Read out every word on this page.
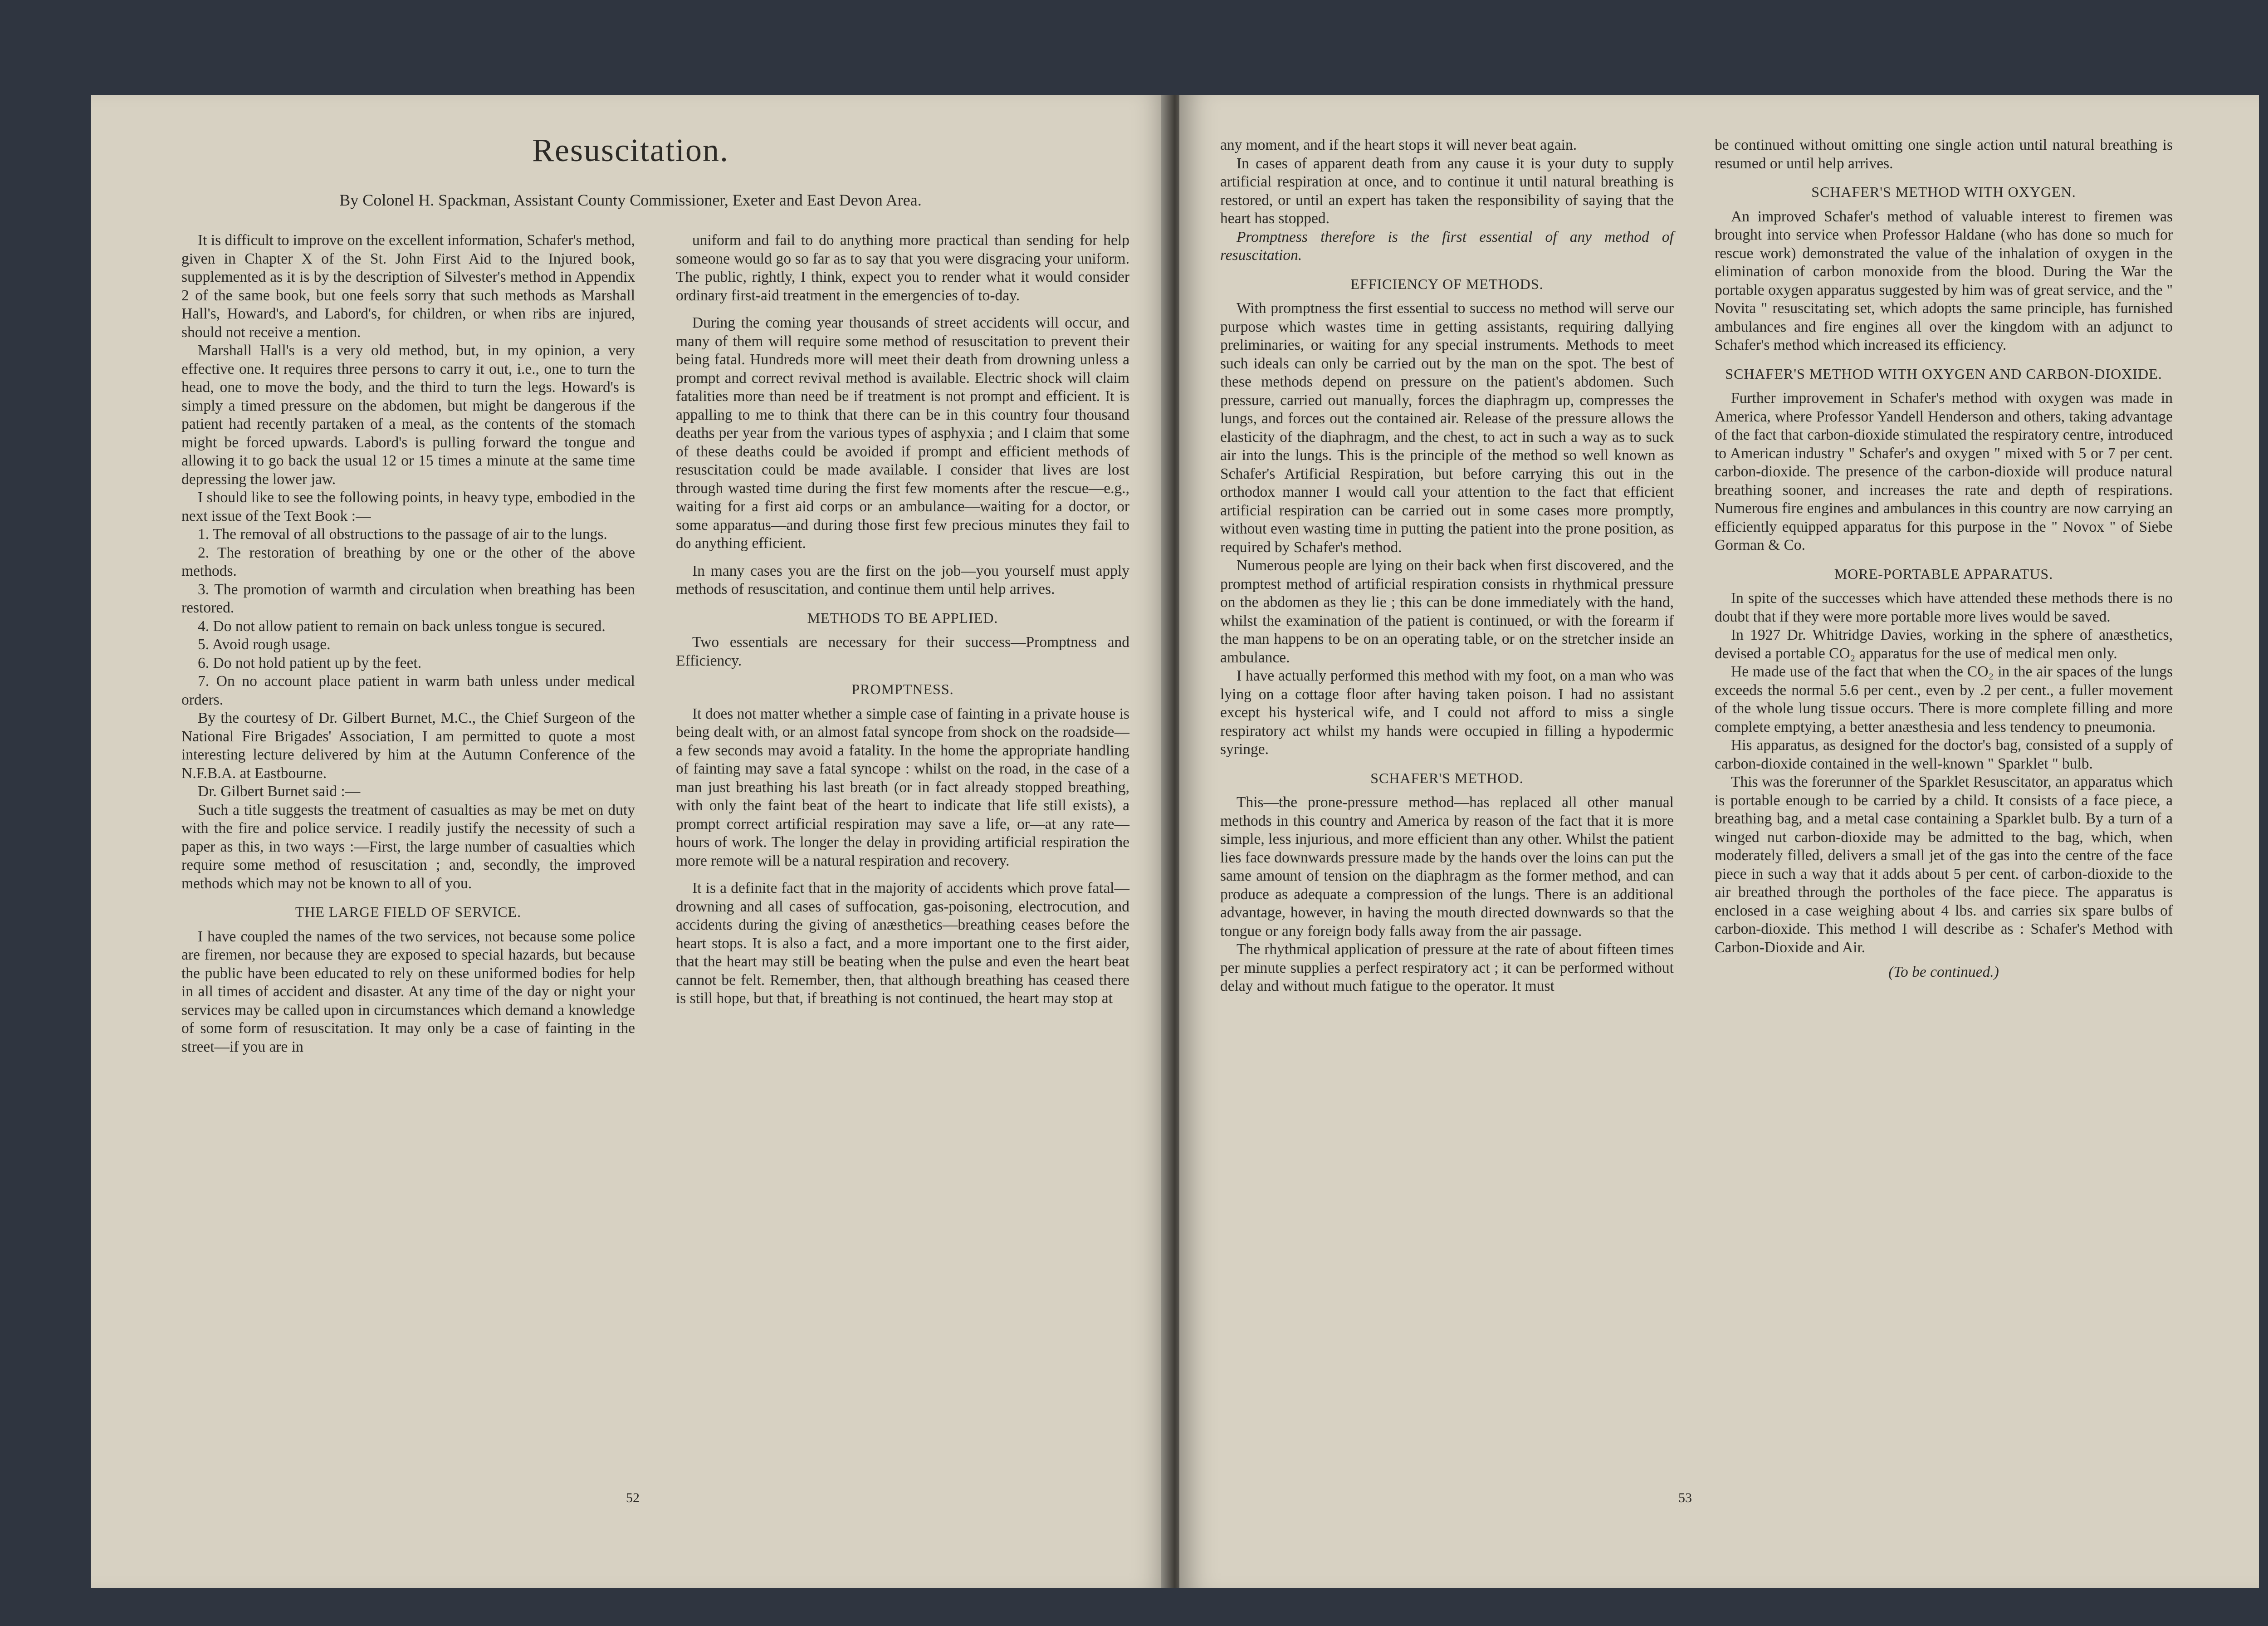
Resuscitation.
By Colonel H. Spackman, Assistant County Commissioner, Exeter and East Devon Area.

It is difficult to improve on the excellent information, Schafer's method, given in Chapter X of the St. John First Aid to the Injured book, supplemented as it is by the description of Silvester's method in Appendix 2 of the same book, but one feels sorry that such methods as Marshall Hall's, Howard's, and Labord's, for children, or when ribs are injured, should not receive a mention.

Marshall Hall's is a very old method, but, in my opinion, a very effective one. It requires three persons to carry it out, i.e., one to turn the head, one to move the body, and the third to turn the legs. Howard's is simply a timed pressure on the abdomen, but might be dangerous if the patient had recently partaken of a meal, as the contents of the stomach might be forced upwards. Labord's is pulling forward the tongue and allowing it to go back the usual 12 or 15 times a minute at the same time depressing the lower jaw.

I should like to see the following points, in heavy type, embodied in the next issue of the Text Book :—

1. The removal of all obstructions to the passage of air to the lungs.

2. The restoration of breathing by one or the other of the above methods.

3. The promotion of warmth and circulation when breathing has been restored.

4. Do not allow patient to remain on back unless tongue is secured.

5. Avoid rough usage.

6. Do not hold patient up by the feet.

7. On no account place patient in warm bath unless under medical orders.

By the courtesy of Dr. Gilbert Burnet, M.C., the Chief Surgeon of the National Fire Brigades' Association, I am permitted to quote a most interesting lecture delivered by him at the Autumn Conference of the N.F.B.A. at Eastbourne.

Dr. Gilbert Burnet said :—

Such a title suggests the treatment of casualties as may be met on duty with the fire and police service. I readily justify the necessity of such a paper as this, in two ways :—First, the large number of casualties which require some method of resuscitation ; and, secondly, the improved methods which may not be known to all of you.

THE LARGE FIELD OF SERVICE.

I have coupled the names of the two services, not because some police are firemen, nor because they are exposed to special hazards, but because the public have been educated to rely on these uniformed bodies for help in all times of accident and disaster. At any time of the day or night your services may be called upon in circumstances which demand a knowledge of some form of resuscitation. It may only be a case of fainting in the street—if you are in

uniform and fail to do anything more practical than sending for help someone would go so far as to say that you were disgracing your uniform. The public, rightly, I think, expect you to render what it would consider ordinary first-aid treatment in the emergencies of to-day.

During the coming year thousands of street accidents will occur, and many of them will require some method of resuscitation to prevent their being fatal. Hundreds more will meet their death from drowning unless a prompt and correct revival method is available. Electric shock will claim fatalities more than need be if treatment is not prompt and efficient. It is appalling to me to think that there can be in this country four thousand deaths per year from the various types of asphyxia ; and I claim that some of these deaths could be avoided if prompt and efficient methods of resuscitation could be made available. I consider that lives are lost through wasted time during the first few moments after the rescue—e.g., waiting for a first aid corps or an ambulance—waiting for a doctor, or some apparatus—and during those first few precious minutes they fail to do anything efficient.

In many cases you are the first on the job—you yourself must apply methods of resuscitation, and continue them until help arrives.

METHODS TO BE APPLIED.

Two essentials are necessary for their success—Promptness and Efficiency.

PROMPTNESS.

It does not matter whether a simple case of fainting in a private house is being dealt with, or an almost fatal syncope from shock on the roadside—a few seconds may avoid a fatality. In the home the appropriate handling of fainting may save a fatal syncope : whilst on the road, in the case of a man just breathing his last breath (or in fact already stopped breathing, with only the faint beat of the heart to indicate that life still exists), a prompt correct artificial respiration may save a life, or—at any rate—hours of work. The longer the delay in providing artificial respiration the more remote will be a natural respiration and recovery.

It is a definite fact that in the majority of accidents which prove fatal—drowning and all cases of suffocation, gas-poisoning, electrocution, and accidents during the giving of anæsthetics—breathing ceases before the heart stops. It is also a fact, and a more important one to the first aider, that the heart may still be beating when the pulse and even the heart beat cannot be felt. Remember, then, that although breathing has ceased there is still hope, but that, if breathing is not continued, the heart may stop at

52

any moment, and if the heart stops it will never beat again.

In cases of apparent death from any cause it is your duty to supply artificial respiration at once, and to continue it until natural breathing is restored, or until an expert has taken the responsibility of saying that the heart has stopped.

Promptness therefore is the first essential of any method of resuscitation.

EFFICIENCY OF METHODS.

With promptness the first essential to success no method will serve our purpose which wastes time in getting assistants, requiring dallying preliminaries, or waiting for any special instruments. Methods to meet such ideals can only be carried out by the man on the spot. The best of these methods depend on pressure on the patient's abdomen. Such pressure, carried out manually, forces the diaphragm up, compresses the lungs, and forces out the contained air. Release of the pressure allows the elasticity of the diaphragm, and the chest, to act in such a way as to suck air into the lungs. This is the principle of the method so well known as Schafer's Artificial Respiration, but before carrying this out in the orthodox manner I would call your attention to the fact that efficient artificial respiration can be carried out in some cases more promptly, without even wasting time in putting the patient into the prone position, as required by Schafer's method.

Numerous people are lying on their back when first discovered, and the promptest method of artificial respiration consists in rhythmical pressure on the abdomen as they lie ; this can be done immediately with the hand, whilst the examination of the patient is continued, or with the forearm if the man happens to be on an operating table, or on the stretcher inside an ambulance.

I have actually performed this method with my foot, on a man who was lying on a cottage floor after having taken poison. I had no assistant except his hysterical wife, and I could not afford to miss a single respiratory act whilst my hands were occupied in filling a hypodermic syringe.

SCHAFER'S METHOD.

This—the prone-pressure method—has replaced all other manual methods in this country and America by reason of the fact that it is more simple, less injurious, and more efficient than any other. Whilst the patient lies face downwards pressure made by the hands over the loins can put the same amount of tension on the diaphragm as the former method, and can produce as adequate a compression of the lungs. There is an additional advantage, however, in having the mouth directed downwards so that the tongue or any foreign body falls away from the air passage.

The rhythmical application of pressure at the rate of about fifteen times per minute supplies a perfect respiratory act ; it can be performed without delay and without much fatigue to the operator. It must

be continued without omitting one single action until natural breathing is resumed or until help arrives.

SCHAFER'S METHOD WITH OXYGEN.

An improved Schafer's method of valuable interest to firemen was brought into service when Professor Haldane (who has done so much for rescue work) demonstrated the value of the inhalation of oxygen in the elimination of carbon monoxide from the blood. During the War the portable oxygen apparatus suggested by him was of great service, and the " Novita " resuscitating set, which adopts the same principle, has furnished ambulances and fire engines all over the kingdom with an adjunct to Schafer's method which increased its efficiency.

SCHAFER'S METHOD WITH OXYGEN AND CARBON-DIOXIDE.

Further improvement in Schafer's method with oxygen was made in America, where Professor Yandell Henderson and others, taking advantage of the fact that carbon-dioxide stimulated the respiratory centre, introduced to American industry " Schafer's and oxygen " mixed with 5 or 7 per cent. carbon-dioxide. The presence of the carbon-dioxide will produce natural breathing sooner, and increases the rate and depth of respirations. Numerous fire engines and ambulances in this country are now carrying an efficiently equipped apparatus for this purpose in the " Novox " of Siebe Gorman & Co.

MORE-PORTABLE APPARATUS.

In spite of the successes which have attended these methods there is no doubt that if they were more portable more lives would be saved.

In 1927 Dr. Whitridge Davies, working in the sphere of anæsthetics, devised a portable CO₂ apparatus for the use of medical men only.

He made use of the fact that when the CO₂ in the air spaces of the lungs exceeds the normal 5.6 per cent., even by .2 per cent., a fuller movement of the whole lung tissue occurs. There is more complete filling and more complete emptying, a better anæsthesia and less tendency to pneumonia.

His apparatus, as designed for the doctor's bag, consisted of a supply of carbon-dioxide contained in the well-known " Sparklet " bulb.

This was the forerunner of the Sparklet Resuscitator, an apparatus which is portable enough to be carried by a child. It consists of a face piece, a breathing bag, and a metal case containing a Sparklet bulb. By a turn of a winged nut carbon-dioxide may be admitted to the bag, which, when moderately filled, delivers a small jet of the gas into the centre of the face piece in such a way that it adds about 5 per cent. of carbon-dioxide to the air breathed through the portholes of the face piece. The apparatus is enclosed in a case weighing about 4 lbs. and carries six spare bulbs of carbon-dioxide. This method I will describe as : Schafer's Method with Carbon-Dioxide and Air.

(To be continued.)

53
